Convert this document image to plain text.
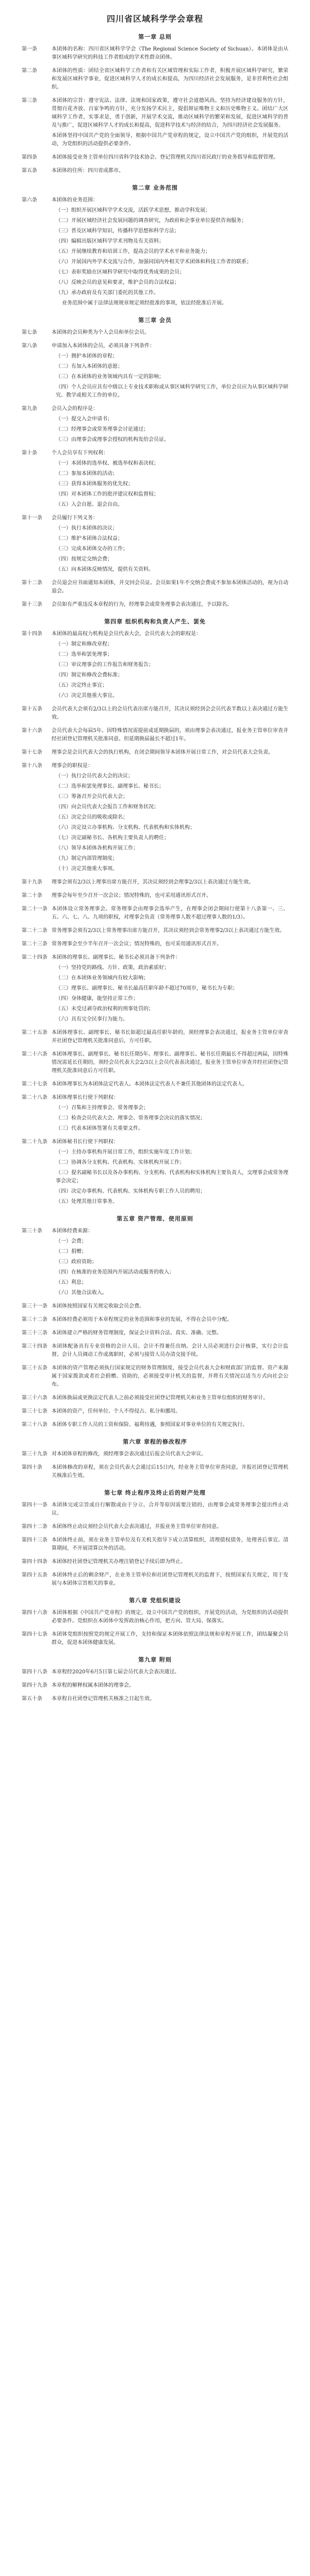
四川省区域科学学会章程
第一章 总则
第一条	本团体的名称：四川省区域科学学会（The Regional Science Society of Sichuan）。本团体是由从事区域科学研究的科技工作者组成的学术性群众团体。

第二条	本团体的性质：团结全省区域科学工作者和有关区域管理和实际工作者，积极开展区域科学研究，繁荣和发展区域科学事业，促进区域科学人才的成长和提高，为四川经济社会发展服务，是非营利性社会组织。

第三条	本团体的宗旨：遵守宪法、法律、法规和国家政策，遵守社会道德风尚。坚持为经济建设服务的方针，贯彻百花齐放、百家争鸣的方针，充分发扬学术民主，提倡辩证唯物主义和历史唯物主义。团结广大区域科学工作者，实事求是，勇于创新，开展学术交流，推动区域科学的繁荣和发展，促进区域科学的普及与推广，促进区域科学人才的成长和提高，促进科学技术与经济的结合，为四川经济社会发展服务。

本团体坚持中国共产党的全面领导，根据中国共产党章程的规定，设立中国共产党的组织，开展党的活动，为党组织的活动提供必要条件。

第四条	本团体接受业务主管单位四川省科学技术协会、登记管理机关四川省民政厅的业务指导和监督管理。

第五条	本团体的住所：四川省成都市。

第二章 业务范围
第六条	本团体的业务范围：

（一）组织开展区域科学学术交流，活跃学术思想，推动学科发展；

（二）开展区域经济社会发展问题的调查研究，为政府和企事业单位提供咨询服务；

（三）普及区域科学知识，传播科学思想和科学方法；

（四）编辑出版区域科学学术刊物及有关资料；

（五）开展继续教育和培训工作，提高会员的学术水平和业务能力；

（六）开展国内外学术交流与合作，加强同国内外相关学术团体和科技工作者的联系；

（七）表彰奖励在区域科学研究中取得优秀成果的会员；

（八）反映会员的意见和要求，维护会员的合法权益；

（九）承办政府及有关部门委托的其他工作。

业务范围中属于法律法规规章规定须经批准的事项，依法经批准后开展。

第三章 会员
第七条	本团体的会员种类为个人会员和单位会员。

第八条	申请加入本团体的会员，必须具备下列条件：

（一）拥护本团体的章程；

（二）有加入本团体的意愿；

（三）在本团体的业务领域内具有一定的影响；

（四）个人会员应具有中级以上专业技术职称或从事区域科学研究工作，单位会员应为从事区域科学研究、教学或相关工作的单位。

第九条	会员入会的程序是：

（一）提交入会申请书；

（二）经理事会或常务理事会讨论通过；

（三）由理事会或理事会授权的机构发给会员证。

第十条	个人会员享有下列权利：

（一）本团体的选举权、被选举权和表决权；

（二）参加本团体的活动；

（三）获得本团体服务的优先权；

（四）对本团体工作的批评建议权和监督权；

（五）入会自愿、退会自由。

第十一条	会员履行下列义务：

（一）执行本团体的决议；

（二）维护本团体合法权益；

（三）完成本团体交办的工作；

（四）按规定交纳会费；

（五）向本团体反映情况，提供有关资料。

第十二条	会员退会应书面通知本团体，并交回会员证。会员如果1年不交纳会费或不参加本团体活动的，视为自动退会。

第十三条	会员如有严重违反本章程的行为，经理事会或常务理事会表决通过，予以除名。

第四章 组织机构和负责人产生、罢免
第十四条	本团体的最高权力机构是会员代表大会，会员代表大会的职权是：

（一）制定和修改章程；

（二）选举和罢免理事；

（三）审议理事会的工作报告和财务报告；

（四）制定和修改会费标准；

（五）决定终止事宜；

（六）决定其他重大事宜。

第十五条	会员代表大会须有2/3以上的会员代表出席方能召开，其决议须经到会会员代表半数以上表决通过方能生效。

第十六条	会员代表大会每届5年。因特殊情况需提前或延期换届的，须由理事会表决通过，报业务主管单位审查并经社团登记管理机关批准同意。但延期换届最长不超过1年。

第十七条	理事会是会员代表大会的执行机构，在闭会期间领导本团体开展日常工作，对会员代表大会负责。

第十八条	理事会的职权是：

（一）执行会员代表大会的决议；

（二）选举和罢免理事长、副理事长、秘书长；

（三）筹备召开会员代表大会；

（四）向会员代表大会报告工作和财务状况；

（五）决定会员的吸收或除名；

（六）决定设立办事机构、分支机构、代表机构和实体机构；

（七）决定副秘书长、各机构主要负责人的聘任；

（八）领导本团体各机构开展工作；

（九）制定内部管理制度；

（十）决定其他重大事项。

第十九条	理事会须有2/3以上理事出席方能召开，其决议须经到会理事2/3以上表决通过方能生效。

第二十条	理事会每年至少召开一次会议；情况特殊的，也可采用通讯形式召开。

第二十一条 本团体设立常务理事会。常务理事会由理事会选举产生，在理事会闭会期间行使第十八条第一、三、五、六、七、八、九项的职权，对理事会负责（常务理事人数不超过理事人数的1/3）。

第二十二条 常务理事会须有2/3以上常务理事出席方能召开，其决议须经到会常务理事2/3以上表决通过方能生效。

第二十三条 常务理事会至少半年召开一次会议；情况特殊的，也可采用通讯形式召开。

第二十四条 本团体的理事长、副理事长、秘书长必须具备下列条件：

（一）坚持党的路线、方针、政策，政治素质好；

（二）在本团体业务领域内有较大影响；

（三）理事长、副理事长、秘书长最高任职年龄不超过70周岁，秘书长为专职；

（四）身体健康，能坚持正常工作；

（五）未受过剥夺政治权利的刑事处罚的；

（六）具有完全民事行为能力。

第二十五条 本团体理事长、副理事长、秘书长如超过最高任职年龄的，须经理事会表决通过，报业务主管单位审查并社团登记管理机关批准同意后，方可任职。

第二十六条 本团体理事长、副理事长、秘书长任期5年。理事长、副理事长、秘书长任期最长不得超过两届，因特殊情况需延长任期的，须经会员代表大会2/3以上会员代表表决通过，报业务主管单位审查并经社团登记管理机关批准同意后方可任职。

第二十七条 本团体理事长为本团体法定代表人。本团体法定代表人不兼任其他团体的法定代表人。

第二十八条 本团体理事长行使下列职权：

（一）召集和主持理事会、常务理事会；

（二）检查会员代表大会、理事会、常务理事会决议的落实情况；

（三）代表本团体签署有关重要文件。

第二十九条 本团体秘书长行使下列职权：

（一）主持办事机构开展日常工作，组织实施年度工作计划；

（二）协调各分支机构、代表机构、实体机构开展工作；

（三）提名副秘书长以及各办事机构、分支机构、代表机构和实体机构主要负责人，交理事会或常务理事会决定；

（四）决定办事机构、代表机构、实体机构专职工作人员的聘用；

（五）处理其他日常事务。

第五章 资产管理、使用原则
第三十条	本团体经费来源：

（一）会费；

（二）捐赠；

（三）政府资助；

（四）在核准的业务范围内开展活动或服务的收入；

（五）利息；

（六）其他合法收入。

第三十一条 本团体按照国家有关规定收取会员会费。

第三十二条 本团体经费必须用于本章程规定的业务范围和事业的发展，不得在会员中分配。

第三十三条 本团体建立严格的财务管理制度，保证会计资料合法、真实、准确、完整。

第三十四条 本团体配备具有专业资格的会计人员。会计不得兼任出纳。会计人员必须进行会计核算，实行会计监督。会计人员调动工作或离职时，必须与接管人员办清交接手续。

第三十五条 本团体的资产管理必须执行国家规定的财务管理制度，接受会员代表大会和财政部门的监督。资产来源属于国家拨款或者社会捐赠、资助的，必须接受审计机关的监督，并将有关情况以适当方式向社会公布。

第三十六条 本团体换届或更换法定代表人之前必须接受社团登记管理机关和业务主管单位组织的财务审计。

第三十七条 本团体的资产，任何单位、个人不得侵占、私分和挪用。

第三十八条 本团体专职工作人员的工资和保险、福利待遇，参照国家对事业单位的有关规定执行。

第六章 章程的修改程序
第三十九条 对本团体章程的修改，须经理事会表决通过后报会员代表大会审议。

第四十条	本团体修改的章程，须在会员代表大会通过后15日内，经业务主管单位审查同意，并报社团登记管理机关核准后生效。

第七章 终止程序及终止后的财产处理
第四十一条 本团体完成宗旨或自行解散或由于分立、合并等原因需要注销的，由理事会或常务理事会提出终止动议。

第四十二条 本团体终止动议须经会员代表大会表决通过，并报业务主管单位审查同意。

第四十三条 本团体终止前，须在业务主管单位及有关机关指导下成立清算组织，清理债权债务，处理善后事宜。清算期间，不开展清算以外的活动。

第四十四条 本团体经社团登记管理机关办理注销登记手续后即为终止。

第四十五条 本团体终止后的剩余财产，在业务主管单位和社团登记管理机关的监督下，按照国家有关规定，用于发展与本团体宗旨相关的事业。

第八章 党组织建设
第四十六条 本团体根据《中国共产党章程》的规定，设立中国共产党的组织，开展党的活动，为党组织的活动提供必要条件。党组织在本团体中发挥政治核心作用，把方向、管大局、保落实。

第四十七条 本团体党组织按照党的规定开展工作，支持和保证本团体依照法律法规和章程开展工作，团结凝聚会员群众，促进本团体健康发展。

第九章 附则
第四十八条 本章程经2020年6月5日第七届会员代表大会表决通过。

第四十九条 本章程的解释权属本团体的理事会。

第五十条	本章程自社团登记管理机关核准之日起生效。
